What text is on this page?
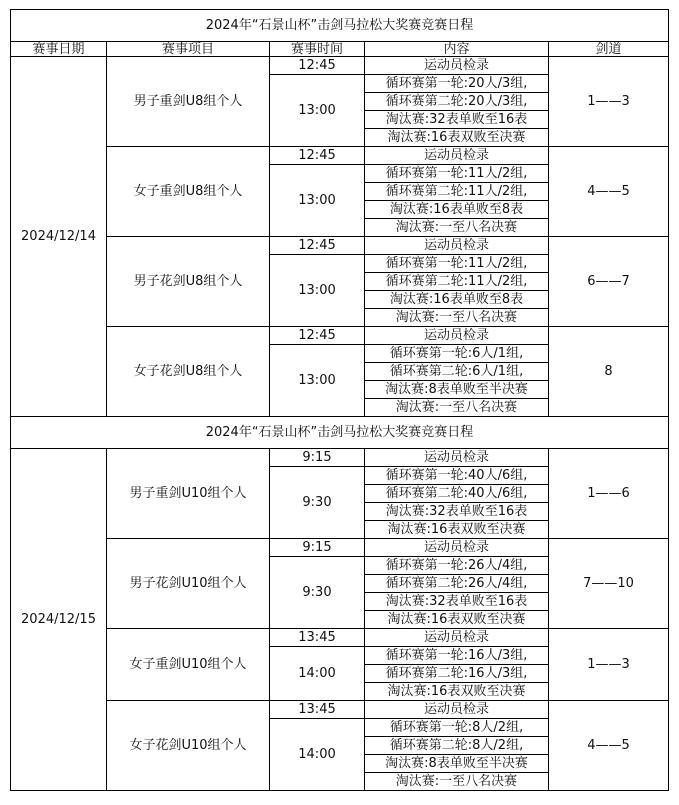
2024年“石景山杯”击剑马拉松大奖赛竞赛日程				
赛事日期	赛事项目	赛事时间	内容	剑道
2024/12/14	男子重剑U8组个人	12:45	运动员检录	1——3
		13:00	循环赛第一轮:20人/3组,	
			循环赛第二轮:20人/3组,	
			淘汰赛:32表单败至16表	
			淘汰赛:16表双败至决赛	
	女子重剑U8组个人	12:45	运动员检录	4——5
		13:00	循环赛第一轮:11人/2组,	
			循环赛第二轮:11人/2组,	
			淘汰赛:16表单败至8表	
			淘汰赛:一至八名决赛	
	男子花剑U8组个人	12:45	运动员检录	6——7
		13:00	循环赛第一轮:11人/2组,	
			循环赛第二轮:11人/2组,	
			淘汰赛:16表单败至8表	
			淘汰赛:一至八名决赛	
	女子花剑U8组个人	12:45	运动员检录	8
		13:00	循环赛第一轮:6人/1组,	
			循环赛第二轮:6人/1组,	
			淘汰赛:8表单败至半决赛	
			淘汰赛:一至八名决赛	
2024年“石景山杯”击剑马拉松大奖赛竞赛日程				
2024/12/15	男子重剑U10组个人	9:15	运动员检录	1——6
		9:30	循环赛第一轮:40人/6组,	
			循环赛第二轮:40人/6组,	
			淘汰赛:32表单败至16表	
			淘汰赛:16表双败至决赛	
	男子花剑U10组个人	9:15	运动员检录	7——10
		9:30	循环赛第一轮:26人/4组,	
			循环赛第二轮:26人/4组,	
			淘汰赛:32表单败至16表	
			淘汰赛:16表双败至决赛	
	女子重剑U10组个人	13:45	运动员检录	1——3
		14:00	循环赛第一轮:16人/3组,	
			循环赛第二轮:16人/3组,	
			淘汰赛:16表双败至决赛	
	女子花剑U10组个人	13:45	运动员检录	4——5
		14:00	循环赛第一轮:8人/2组,	
			循环赛第二轮:8人/2组,	
			淘汰赛:8表单败至半决赛	
			淘汰赛:一至八名决赛	
